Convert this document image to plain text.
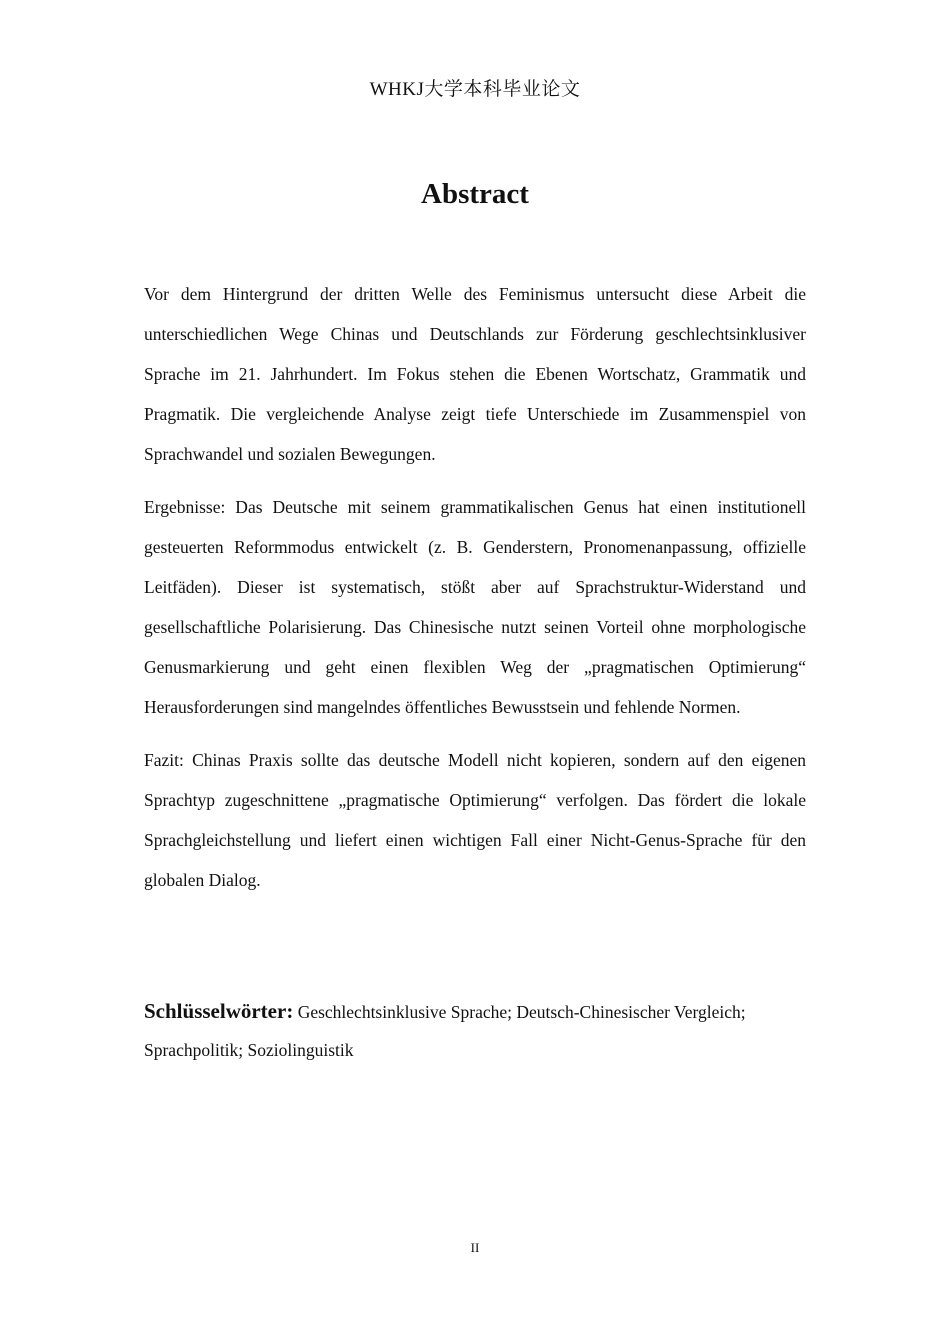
WHKJ大学本科毕业论文
Abstract

Vor dem Hintergrund der dritten Welle des Feminismus untersucht diese Arbeit die unterschiedlichen Wege Chinas und Deutschlands zur Förderung geschlechtsinklusiver Sprache im 21. Jahrhundert. Im Fokus stehen die Ebenen Wortschatz, Grammatik und Pragmatik. Die vergleichende Analyse zeigt tiefe Unterschiede im Zusammenspiel von Sprachwandel und sozialen Bewegungen.

Ergebnisse: Das Deutsche mit seinem grammatikalischen Genus hat einen institutionell gesteuerten Reformmodus entwickelt (z. B. Genderstern, Pronomenanpassung, offizielle Leitfäden). Dieser ist systematisch, stößt aber auf Sprachstruktur-Widerstand und gesellschaftliche Polarisierung. Das Chinesische nutzt seinen Vorteil ohne morphologische Genusmarkierung und geht einen flexiblen Weg der „pragmatischen Optimierung“ Herausforderungen sind mangelndes öffentliches Bewusstsein und fehlende Normen.

Fazit: Chinas Praxis sollte das deutsche Modell nicht kopieren, sondern auf den eigenen Sprachtyp zugeschnittene „pragmatische Optimierung“ verfolgen. Das fördert die lokale Sprachgleichstellung und liefert einen wichtigen Fall einer Nicht-Genus-Sprache für den globalen Dialog.

Schlüsselwörter: Geschlechtsinklusive Sprache; Deutsch-Chinesischer Vergleich; Sprachpolitik; Soziolinguistik

II
